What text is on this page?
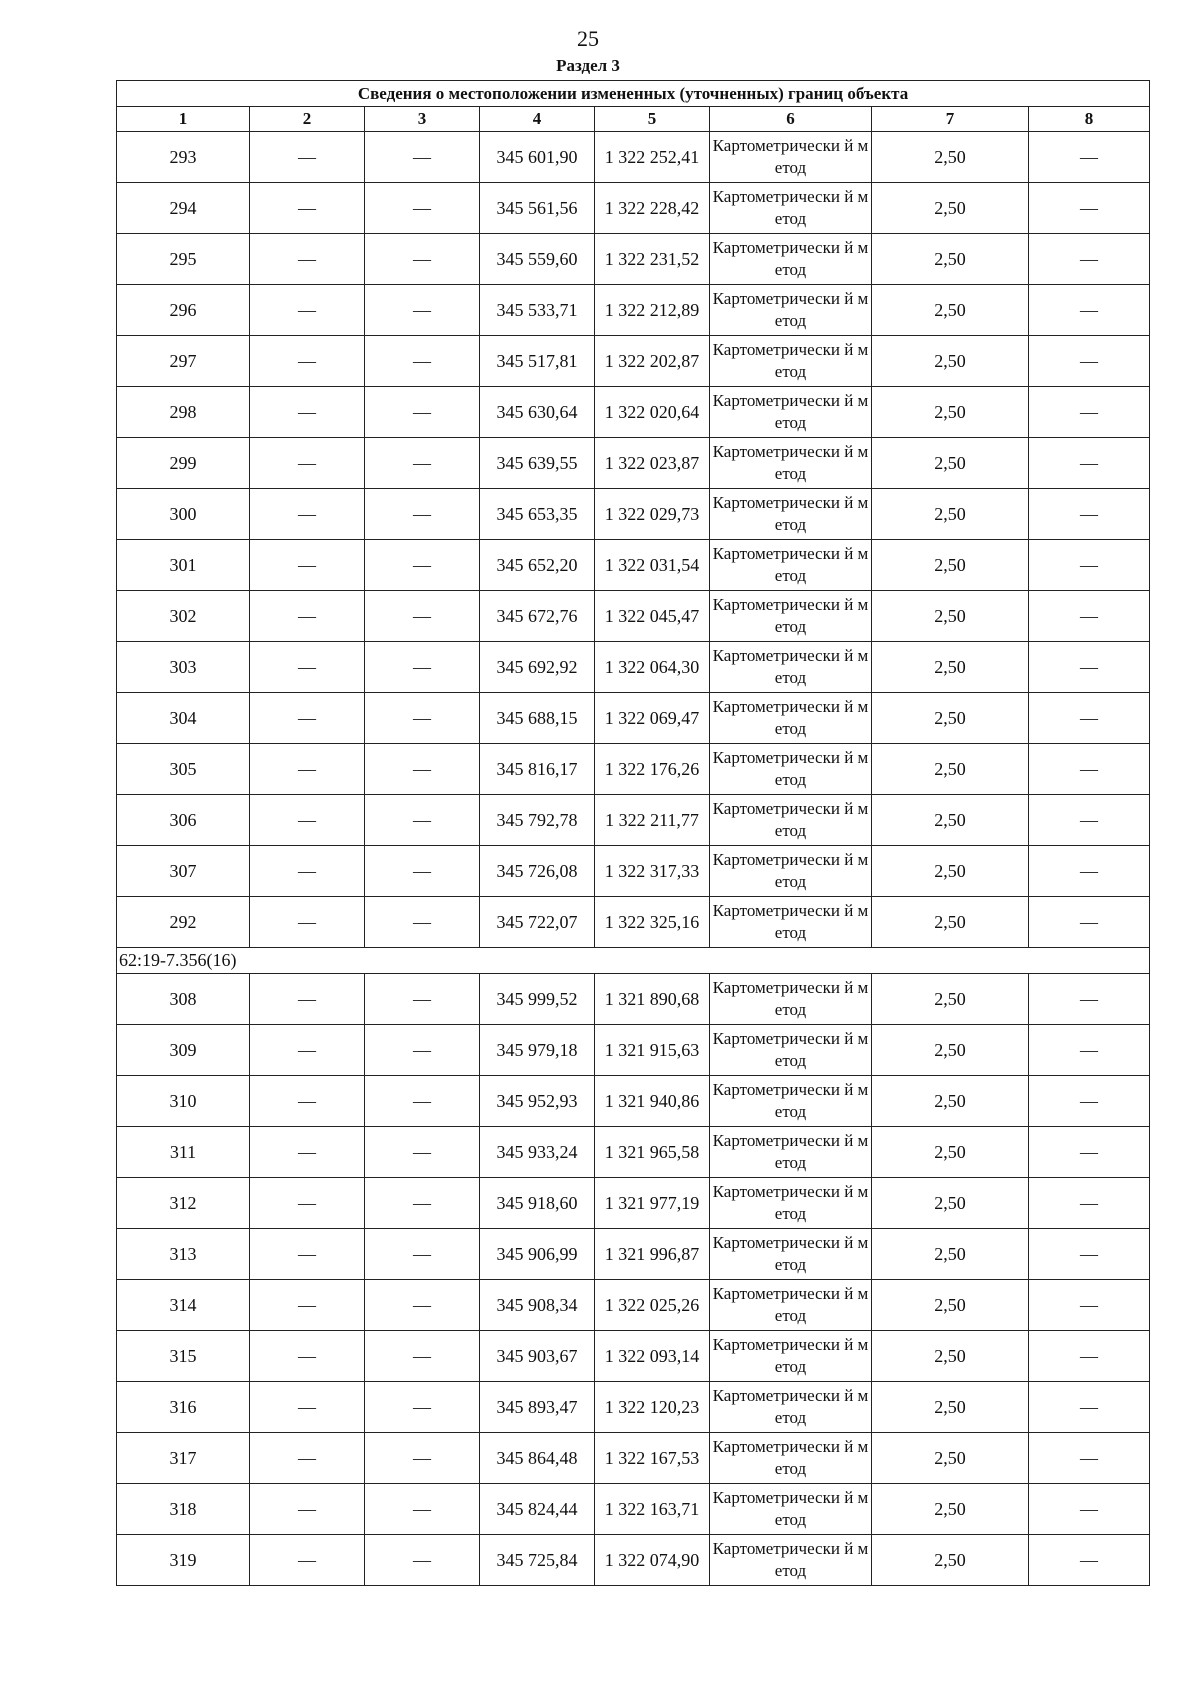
25
Раздел 3
Сведения о местоположении измененных (уточненных) границ объекта							
1	2	3	4	5	6	7	8
293	—	—	345 601,90	1 322 252,41	Картометрически й метод	2,50	—
294	—	—	345 561,56	1 322 228,42	Картометрически й метод	2,50	—
295	—	—	345 559,60	1 322 231,52	Картометрически й метод	2,50	—
296	—	—	345 533,71	1 322 212,89	Картометрически й метод	2,50	—
297	—	—	345 517,81	1 322 202,87	Картометрически й метод	2,50	—
298	—	—	345 630,64	1 322 020,64	Картометрически й метод	2,50	—
299	—	—	345 639,55	1 322 023,87	Картометрически й метод	2,50	—
300	—	—	345 653,35	1 322 029,73	Картометрически й метод	2,50	—
301	—	—	345 652,20	1 322 031,54	Картометрически й метод	2,50	—
302	—	—	345 672,76	1 322 045,47	Картометрически й метод	2,50	—
303	—	—	345 692,92	1 322 064,30	Картометрически й метод	2,50	—
304	—	—	345 688,15	1 322 069,47	Картометрически й метод	2,50	—
305	—	—	345 816,17	1 322 176,26	Картометрически й метод	2,50	—
306	—	—	345 792,78	1 322 211,77	Картометрически й метод	2,50	—
307	—	—	345 726,08	1 322 317,33	Картометрически й метод	2,50	—
292	—	—	345 722,07	1 322 325,16	Картометрически й метод	2,50	—
62:19-7.356(16)							
308	—	—	345 999,52	1 321 890,68	Картометрически й метод	2,50	—
309	—	—	345 979,18	1 321 915,63	Картометрически й метод	2,50	—
310	—	—	345 952,93	1 321 940,86	Картометрически й метод	2,50	—
311	—	—	345 933,24	1 321 965,58	Картометрически й метод	2,50	—
312	—	—	345 918,60	1 321 977,19	Картометрически й метод	2,50	—
313	—	—	345 906,99	1 321 996,87	Картометрически й метод	2,50	—
314	—	—	345 908,34	1 322 025,26	Картометрически й метод	2,50	—
315	—	—	345 903,67	1 322 093,14	Картометрически й метод	2,50	—
316	—	—	345 893,47	1 322 120,23	Картометрически й метод	2,50	—
317	—	—	345 864,48	1 322 167,53	Картометрически й метод	2,50	—
318	—	—	345 824,44	1 322 163,71	Картометрически й метод	2,50	—
319	—	—	345 725,84	1 322 074,90	Картометрически й метод	2,50	—
